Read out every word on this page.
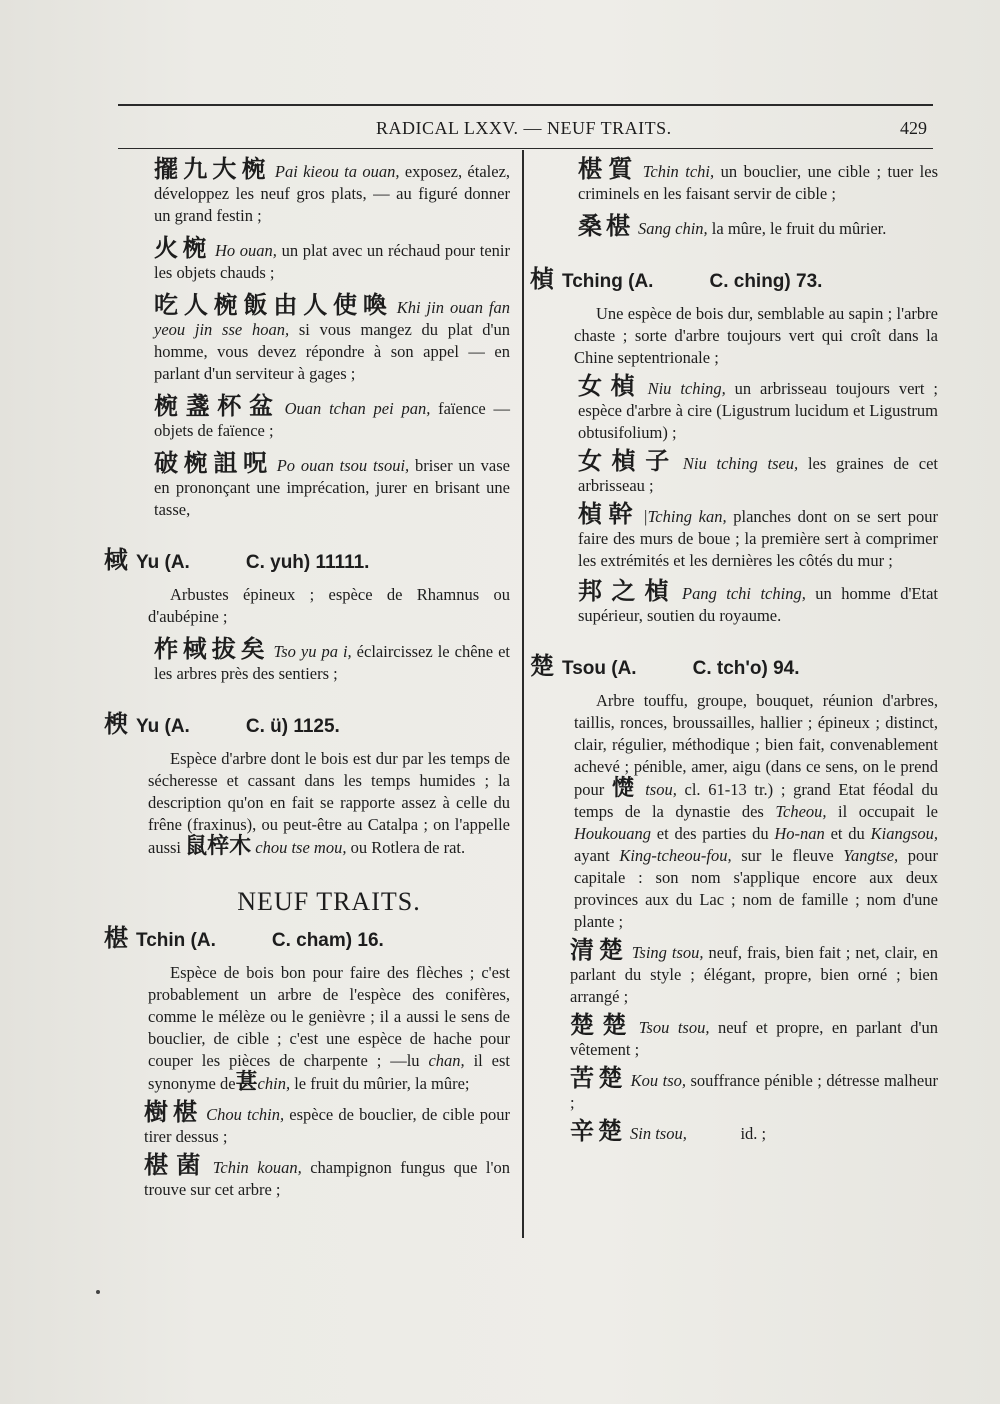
RADICAL LXXV. — NEUF TRAITS.	429
擺九大椀 Pai kieou ta ouan, exposez, étalez, développez les neuf gros plats, — au figuré donner un grand festin ;
火椀 Ho ouan, un plat avec un réchaud pour tenir les objets chauds ;
吃人椀飯由人使喚 Khi jin ouan fan yeou jin sse hoan, si vous mangez du plat d'un homme, vous devez répondre à son appel — en parlant d'un serviteur à gages ;
椀盞杯盆 Ouan tchan pei pan, faïence — objets de faïence ;
破椀詛呪 Po ouan tsou tsoui, briser un vase en prononçant une imprécation, jurer en brisant une tasse,
棫 Yu (A.	C. yuh) 11111.
Arbustes épineux ; espèce de Rhamnus ou d'aubépine ;
柞棫拔矣 Tso yu pa i, éclaircissez le chêne et les arbres près des sentiers ;
楰 Yu (A.	C. ü) 1125.
Espèce d'arbre dont le bois est dur par les temps de sécheresse et cassant dans les temps humides ; la description qu'on en fait se rapporte assez à celle du frêne (fraxinus), ou peut-être au Catalpa ; on l'appelle aussi 鼠梓木 chou tse mou, ou Rotlera de rat.
NEUF TRAITS.
椹 Tchin (A.	C. cham) 16.
Espèce de bois bon pour faire des flèches ; c'est probablement un arbre de l'espèce des conifères, comme le mélèze ou le genièvre ; il a aussi le sens de bouclier, de cible ; c'est une espèce de hache pour couper les pièces de charpente ; —lu chan, il est synonyme de葚chin, le fruit du mûrier, la mûre;
樹椹 Chou tchin, espèce de bouclier, de cible pour tirer dessus ;
椹菌 Tchin kouan, champignon fungus que l'on trouve sur cet arbre ;
椹質 Tchin tchi, un bouclier, une cible ; tuer les criminels en les faisant servir de cible ;
桑椹 Sang chin, la mûre, le fruit du mûrier.
楨 Tching (A.	C. ching) 73.
Une espèce de bois dur, semblable au sapin ; l'arbre chaste ; sorte d'arbre toujours vert qui croît dans la Chine septentrionale ;
女楨 Niu tching, un arbrisseau toujours vert ; espèce d'arbre à cire (Ligustrum lucidum et Ligustrum obtusifolium) ;
女楨子 Niu tching tseu, les graines de cet arbrisseau ;
楨幹 |Tching kan, planches dont on se sert pour faire des murs de boue ; la première sert à comprimer les extrémités et les dernières les côtés du mur ;
邦之楨 Pang tchi tching, un homme d'Etat supérieur, soutien du royaume.
楚 Tsou (A.	C. tch'o) 94.
Arbre touffu, groupe, bouquet, réunion d'arbres, taillis, ronces, broussailles, hallier ; épineux ; distinct, clair, régulier, méthodique ; bien fait, convenablement achevé ; pénible, amer, aigu (dans ce sens, on le prend pour 憷 tsou, cl. 61-13 tr.) ; grand Etat féodal du temps de la dynastie des Tcheou, il occupait le Houkouang et des parties du Ho-nan et du Kiangsou, ayant King-tcheou-fou, sur le fleuve Yangtse, pour capitale : son nom s'applique encore aux deux provinces aux du Lac ; nom de famille ; nom d'une plante ;
清楚 Tsing tsou, neuf, frais, bien fait ; net, clair, en parlant du style ; élégant, propre, bien orné ; bien arrangé ;
楚楚 Tsou tsou, neuf et propre, en parlant d'un vêtement ;
苦楚 Kou tso, souffrance pénible ; détresse malheur ;
辛楚 Sin tsou,             id. ;
